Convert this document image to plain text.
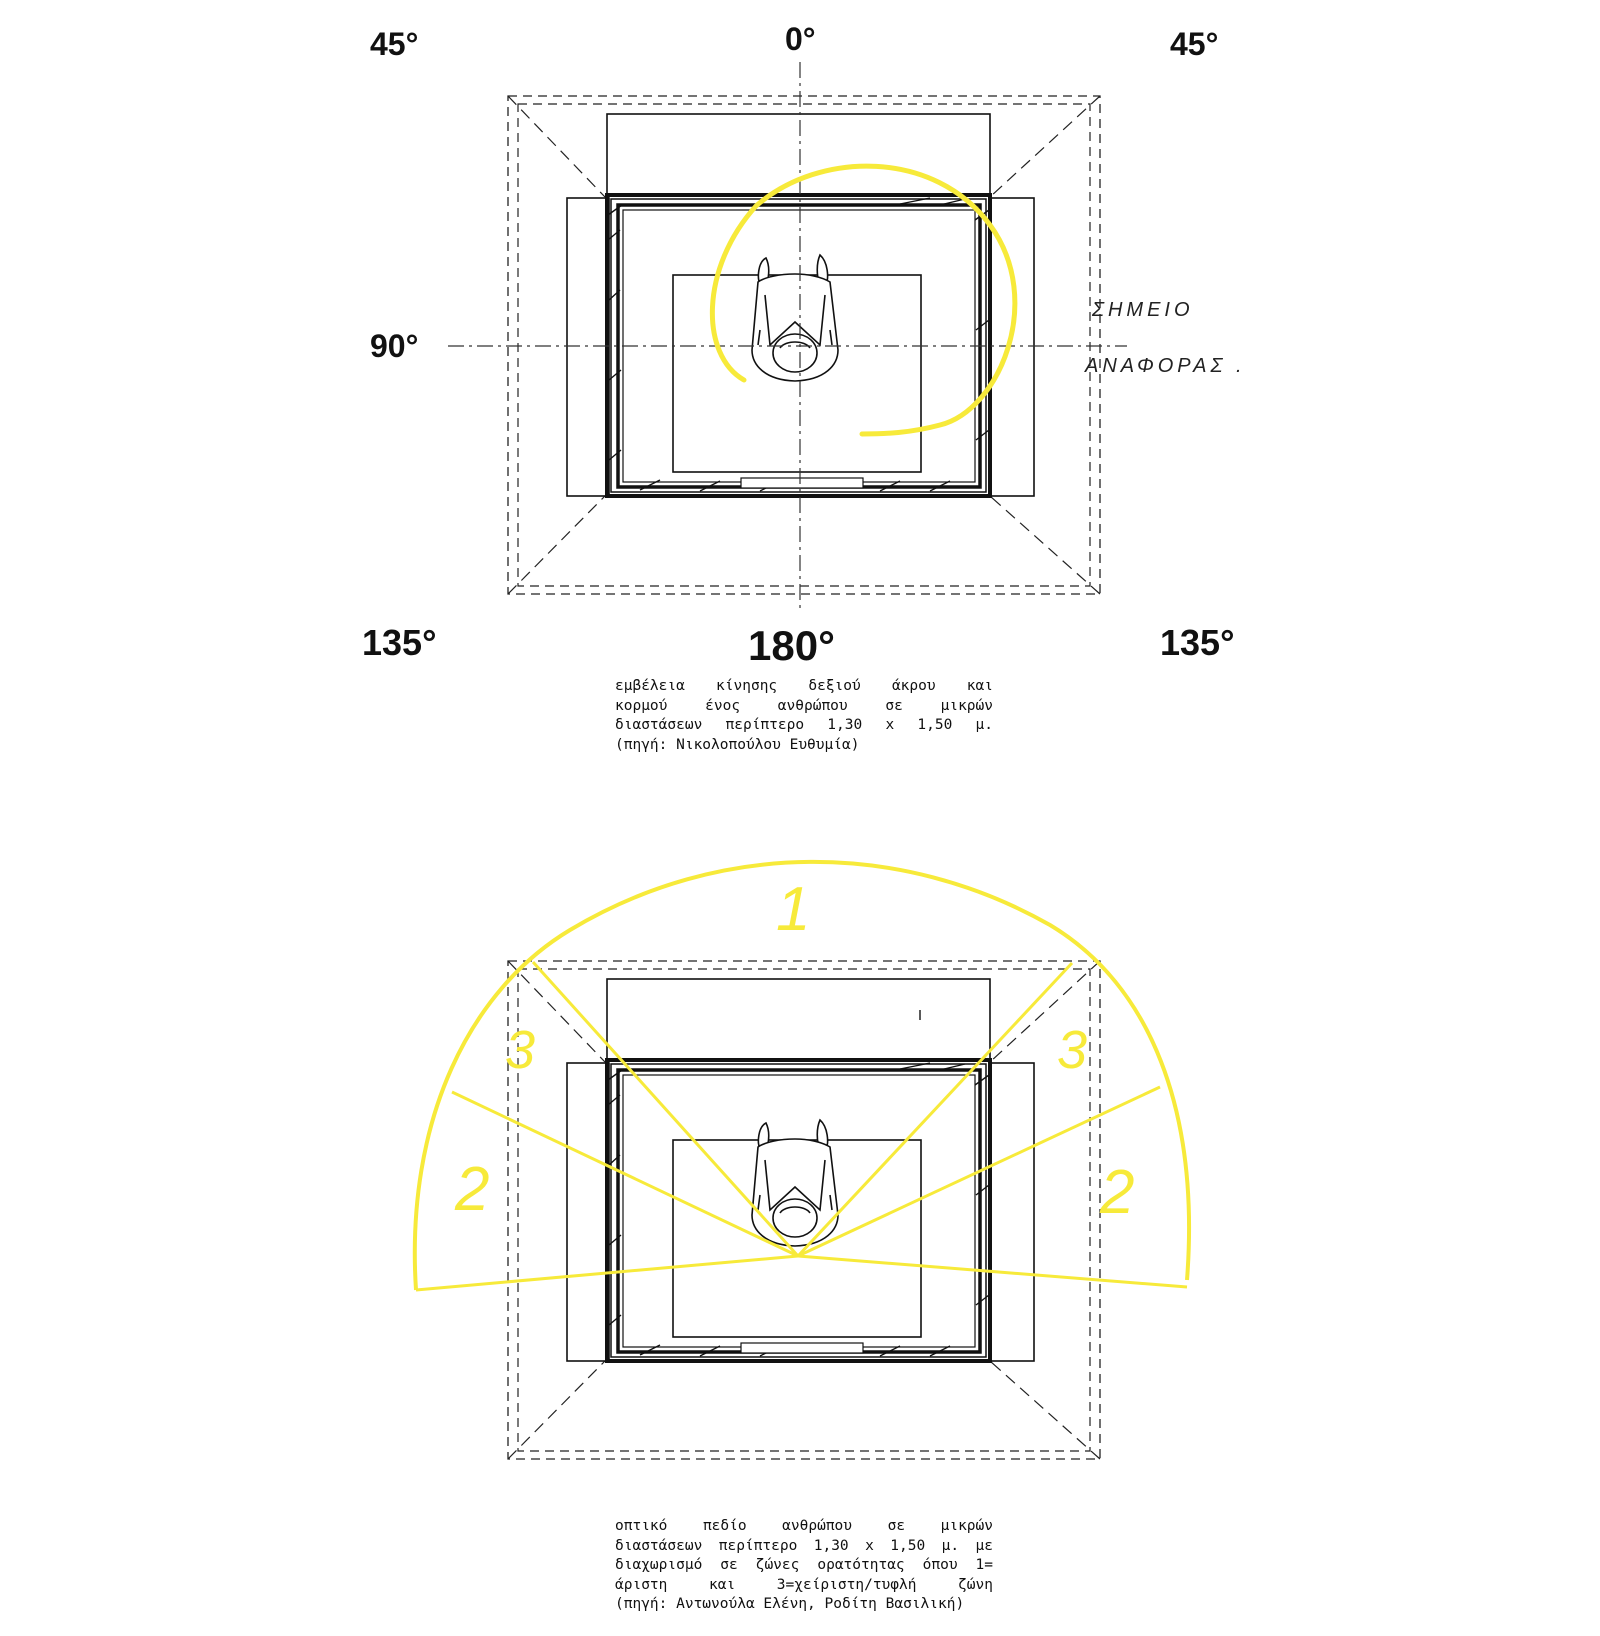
45°	0°	45°
90°
135°	180°	135°
ΣΗΜΕΙΟ
ΑΝΑΦΟΡΑΣ .
1
2	2
3	3
εμβέλεια κίνησης δεξιού άκρου και
κορμού ένος ανθρώπου σε μικρών
διαστάσεων περίπτερο 1,30 x 1,50 μ.
(πηγή: Νικολοπούλου Ευθυμία)
οπτικό πεδίο ανθρώπου σε μικρών
διαστάσεων περίπτερο 1,30 x 1,50 μ. με
διαχωρισμό σε ζώνες ορατότητας όπου 1=
άριστη και 3=χείριστη/τυφλή ζώνη
(πηγή: Αντωνούλα Ελένη, Ροδίτη Βασιλική)
